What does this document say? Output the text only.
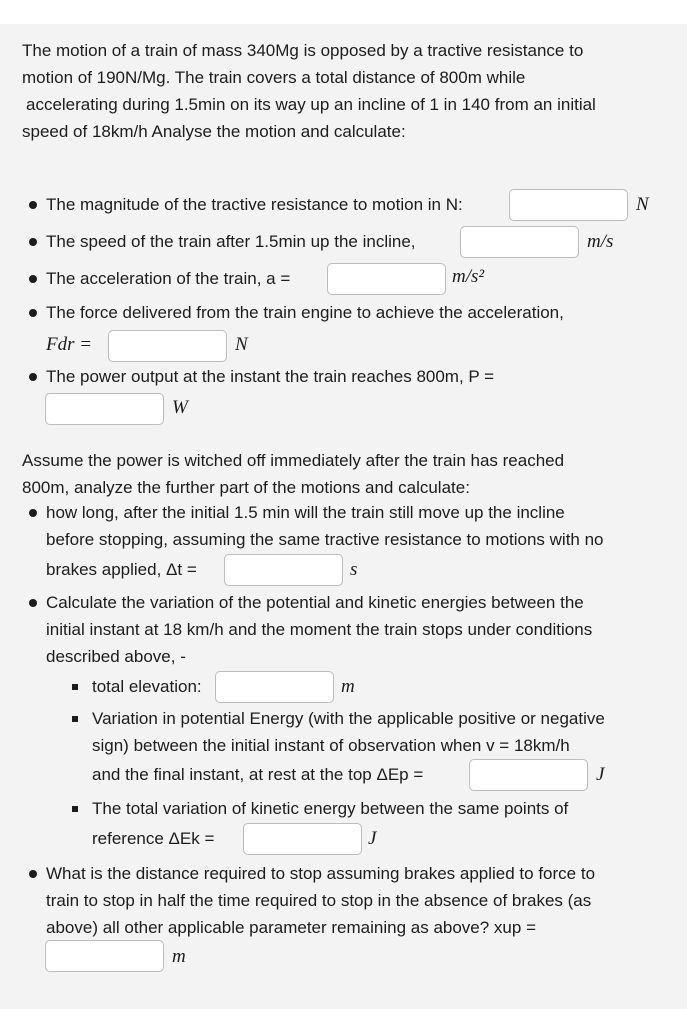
The motion of a train of mass 340Mg is opposed by a tractive resistance to
motion of 190N/Mg. The train covers a total distance of 800m while
accelerating during 1.5min on its way up an incline of 1 in 140 from an initial
speed of 18km/h Analyse the motion and calculate:
The magnitude of the tractive resistance to motion in N:	N
The speed of the train after 1.5min up the incline,	m/s
The acceleration of the train, a =	m/s²
The force delivered from the train engine to achieve the acceleration,
Fdr =	N
The power output at the instant the train reaches 800m, P =
W
Assume the power is witched off immediately after the train has reached
800m, analyze the further part of the motions and calculate:
how long, after the initial 1.5 min will the train still move up the incline
before stopping, assuming the same tractive resistance to motions with no
brakes applied, Δt =	s
Calculate the variation of the potential and kinetic energies between the
initial instant at 18 km/h and the moment the train stops under conditions
described above, -
total elevation:	m
Variation in potential Energy (with the applicable positive or negative
sign) between the initial instant of observation when v = 18km/h
and the final instant, at rest at the top ΔEp =	J
The total variation of kinetic energy between the same points of
reference ΔEk =	J
What is the distance required to stop assuming brakes applied to force to
train to stop in half the time required to stop in the absence of brakes (as
above) all other applicable parameter remaining as above? xup =
m
